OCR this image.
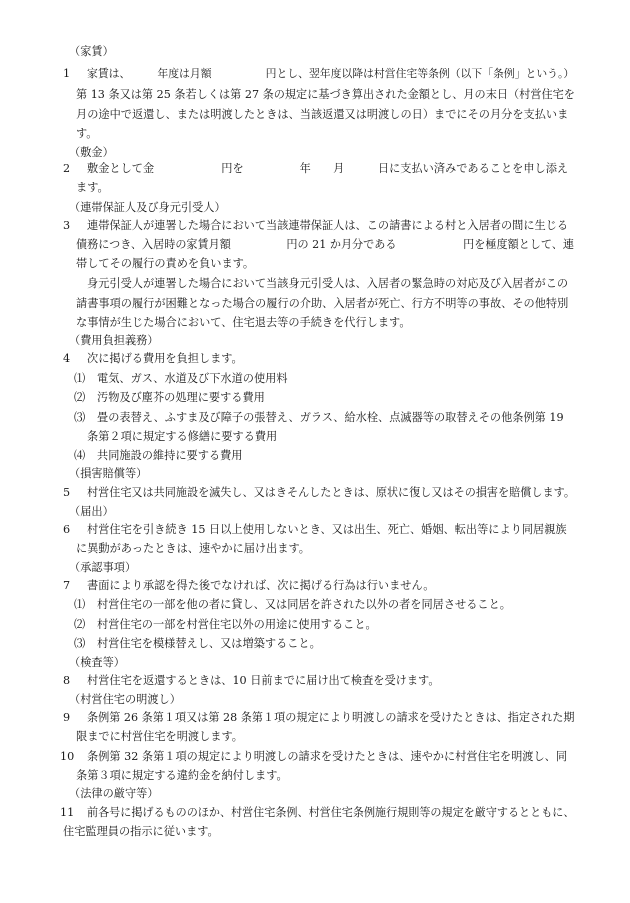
（家賃）
1 家賃は、　　　年度は月額　　　　　円とし、翌年度以降は村営住宅等条例（以下「条例」という。）
第 13 条又は第 25 条若しくは第 27 条の規定に基づき算出された金額とし、月の末日（村営住宅を
月の途中で返還し、または明渡したときは、当該返還又は明渡しの日）までにその月分を支払いま
す。
（敷金）
2 敷金として金　　　　　　円を　　　　　年　　月　　　日に支払い済みであることを申し添え
ます。
（連帯保証人及び身元引受人）
3 連帯保証人が連署した場合において当該連帯保証人は、この請書による村と入居者の間に生じる
債務につき、入居時の家賃月額　　　　　円の 21 か月分である　　　　　　円を極度額として、連
帯してその履行の責めを負います。
身元引受人が連署した場合において当該身元引受人は、入居者の緊急時の対応及び入居者がこの
請書事項の履行が困難となった場合の履行の介助、入居者が死亡、行方不明等の事故、その他特別
な事情が生じた場合において、住宅退去等の手続きを代行します。
（費用負担義務）
4 次に掲げる費用を負担します。
⑴ 電気、ガス、水道及び下水道の使用料
⑵ 汚物及び塵芥の処理に要する費用
⑶ 畳の表替え、ふすま及び障子の張替え、ガラス、給水栓、点滅器等の取替えその他条例第 19
条第２項に規定する修繕に要する費用
⑷ 共同施設の維持に要する費用
（損害賠償等）
5 村営住宅又は共同施設を滅失し、又はきそんしたときは、原状に復し又はその損害を賠償します。
（届出）
6 村営住宅を引き続き 15 日以上使用しないとき、又は出生、死亡、婚姻、転出等により同居親族
に異動があったときは、速やかに届け出ます。
（承認事項）
7 書面により承認を得た後でなければ、次に掲げる行為は行いません。
⑴ 村営住宅の一部を他の者に貸し、又は同居を許された以外の者を同居させること。
⑵ 村営住宅の一部を村営住宅以外の用途に使用すること。
⑶ 村営住宅を模様替えし、又は増築すること。
（検査等）
8 村営住宅を返還するときは、10 日前までに届け出て検査を受けます。
（村営住宅の明渡し）
9 条例第 26 条第１項又は第 28 条第１項の規定により明渡しの請求を受けたときは、指定された期
限までに村営住宅を明渡します。
10 条例第 32 条第１項の規定により明渡しの請求を受けたときは、速やかに村営住宅を明渡し、同
条第３項に規定する違約金を納付します。
（法律の厳守等）
11 前各号に掲げるもののほか、村営住宅条例、村営住宅条例施行規則等の規定を厳守するとともに、
住宅監理員の指示に従います。
